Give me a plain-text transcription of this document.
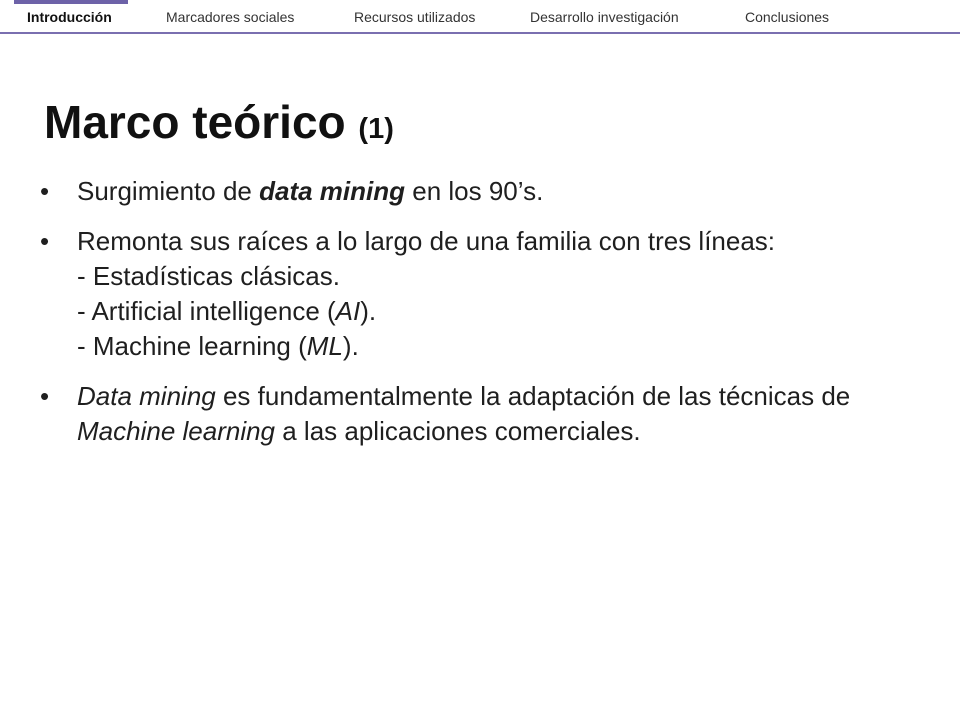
Introducción	Marcadores sociales	Recursos utilizados	Desarrollo investigación	Conclusiones
Marco teórico (1)
•	Surgimiento de data mining en los 90’s.
•	Remonta sus raíces a lo largo de una familia con tres líneas:
- Estadísticas clásicas.
- Artificial intelligence (AI).
- Machine learning (ML).
•	Data mining es fundamentalmente la adaptación de las técnicas de Machine learning a las aplicaciones comerciales.
